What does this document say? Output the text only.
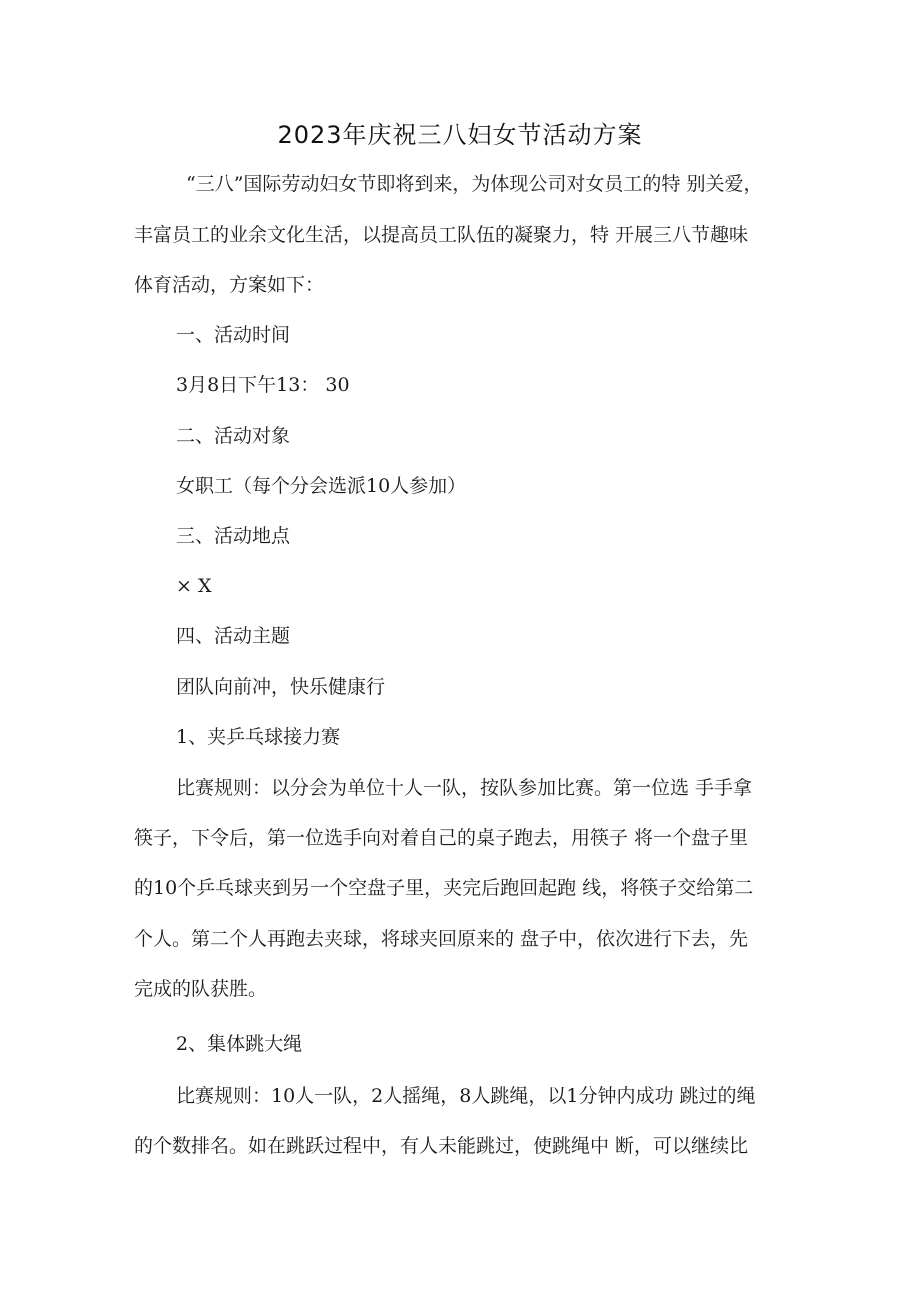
2023年庆祝三八妇女节活动方案
“三八”国际劳动妇女节即将到来，为体现公司对女员工的特 别关爱，
丰富员工的业余文化生活，以提高员工队伍的凝聚力，特 开展三八节趣味
体育活动，方案如下：
一、活动时间
3月8日下午13： 30
二、活动对象
女职工（每个分会选派10人参加）
三、活动地点
× X
四、活动主题
团队向前冲，快乐健康行
1、夹乒乓球接力赛
比赛规则：以分会为单位十人一队，按队参加比赛。第一位选 手手拿
筷子，下令后，第一位选手向对着自己的桌子跑去，用筷子 将一个盘子里
的10个乒乓球夹到另一个空盘子里，夹完后跑回起跑 线，将筷子交给第二
个人。第二个人再跑去夹球，将球夹回原来的 盘子中，依次进行下去，先
完成的队获胜。
2、集体跳大绳
比赛规则：10人一队，2人摇绳，8人跳绳，以1分钟内成功 跳过的绳
的个数排名。如在跳跃过程中，有人未能跳过，使跳绳中 断，可以继续比
